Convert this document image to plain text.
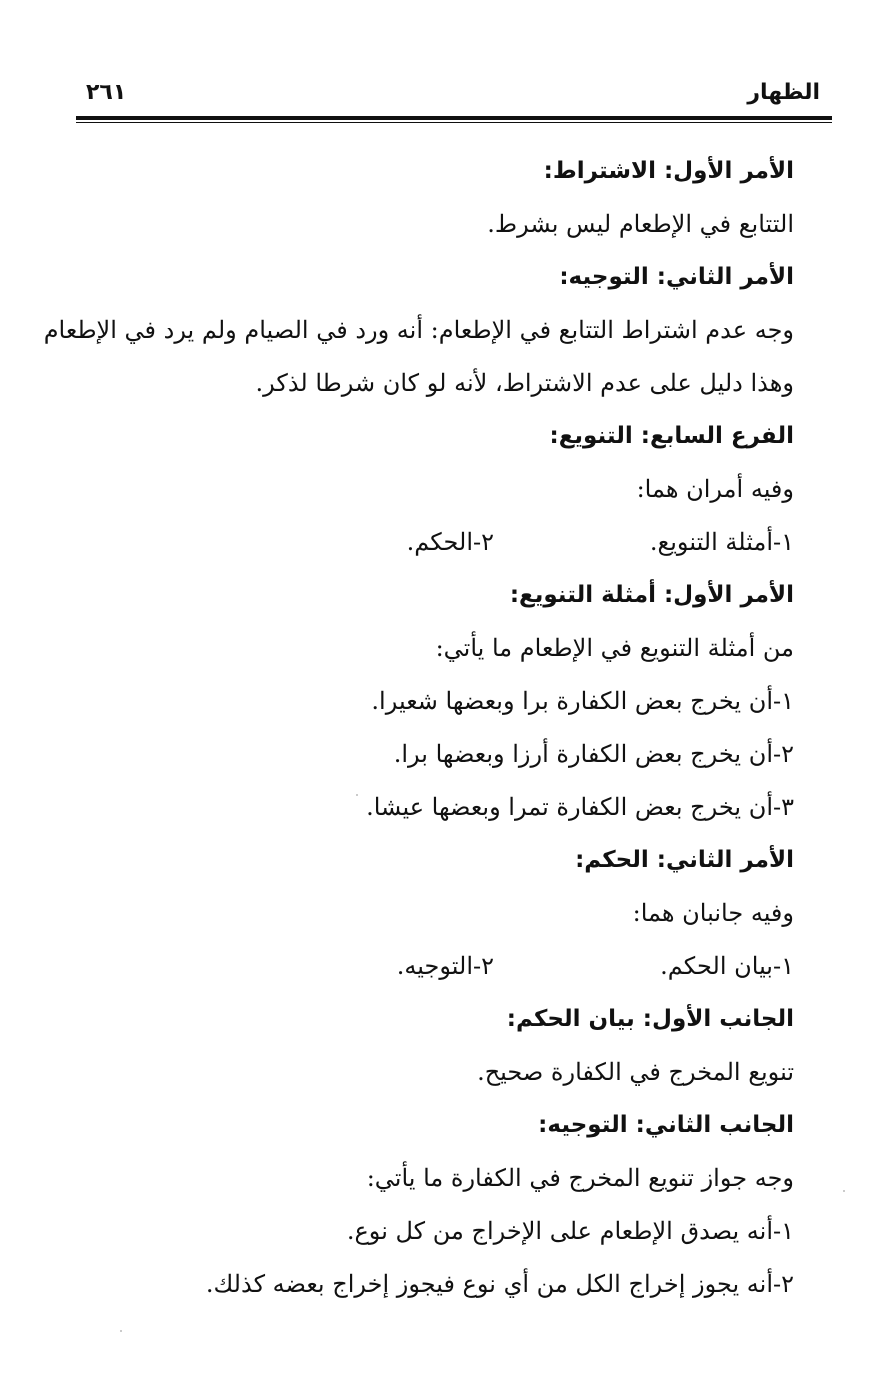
الظهار
٢٦١
الأمر الأول: الاشتراط:
التتابع في الإطعام ليس بشرط.
الأمر الثاني: التوجيه:
وجه عدم اشتراط التتابع في الإطعام: أنه ورد في الصيام ولم يرد في الإطعام
وهذا دليل على عدم الاشتراط، لأنه لو كان شرطا لذكر.
الفرع السابع: التنويع:
وفيه أمران هما:
١-أمثلة التنويع.
٢-الحكم.
الأمر الأول: أمثلة التنويع:
من أمثلة التنويع في الإطعام ما يأتي:
١-أن يخرج بعض الكفارة برا وبعضها شعيرا.
٢-أن يخرج بعض الكفارة أرزا وبعضها برا.
٣-أن يخرج بعض الكفارة تمرا وبعضها عيشا.
الأمر الثاني: الحكم:
وفيه جانبان هما:
١-بيان الحكم.
٢-التوجيه.
الجانب الأول: بيان الحكم:
تنويع المخرج في الكفارة صحيح.
الجانب الثاني: التوجيه:
وجه جواز تنويع المخرج في الكفارة ما يأتي:
١-أنه يصدق الإطعام على الإخراج من كل نوع.
٢-أنه يجوز إخراج الكل من أي نوع فيجوز إخراج بعضه كذلك.
